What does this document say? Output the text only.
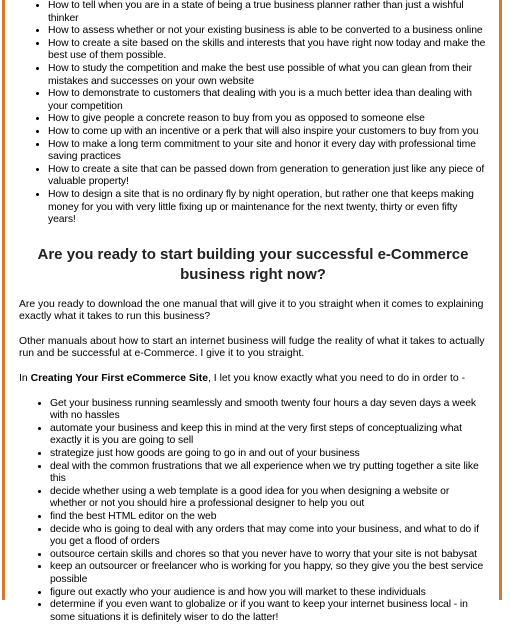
•
• How to tell when you are in a state of being a true business planner rather than just a wishful thinker
• How to assess whether or not your existing business is able to be converted to a business online
• How to create a site based on the skills and interests that you have right now today and make the best use of them possible.
• How to study the competition and make the best use possible of what you can glean from their mistakes and successes on your own website
• How to demonstrate to customers that dealing with you is a much better idea than dealing with your competition
• How to give people a concrete reason to buy from you as opposed to someone else
• How to come up with an incentive or a perk that will also inspire your customers to buy from you
• How to make a long term commitment to your site and honor it every day with professional time saving practices
• How to create a site that can be passed down from generation to generation just like any piece of valuable property!
• How to design a site that is no ordinary fly by night operation, but rather one that keeps making money for you with very little fixing up or maintenance for the next twenty, thirty or even fifty years!
Are you ready to start building your successful e-Commerce business right now?

Are you ready to download the one manual that will give it to you straight when it comes to explaining exactly what it takes to run this business?

Other manuals about how to start an internet business will fudge the reality of what it takes to actually run and be successful at e-Commerce. I give it to you straight.

In Creating Your First eCommerce Site, I let you know exactly what you need to do in order to -

• Get your business running seamlessly and smooth twenty four hours a day seven days a week with no hassles
• automate your business and keep this in mind at the very first steps of conceptualizing what exactly it is you are going to sell
• strategize just how goods are going to go in and out of your business
• deal with the common frustrations that we all experience when we try putting together a site like this
• decide whether using a web template is a good idea for you when designing a website or whether or not you should hire a professional designer to help you out
• find the best HTML editor on the web
• decide who is going to deal with any orders that may come into your business, and what to do if you get a flood of orders
• outsource certain skills and chores so that you never have to worry that your site is not babysat
• keep an outsourcer or freelancer who is working for you happy, so they give you the best service possible
• figure out exactly who your audience is and how you will market to these individuals
• determine if you even want to globalize or if you want to keep your internet business local - in some situations it is definitely wiser to do the latter!
